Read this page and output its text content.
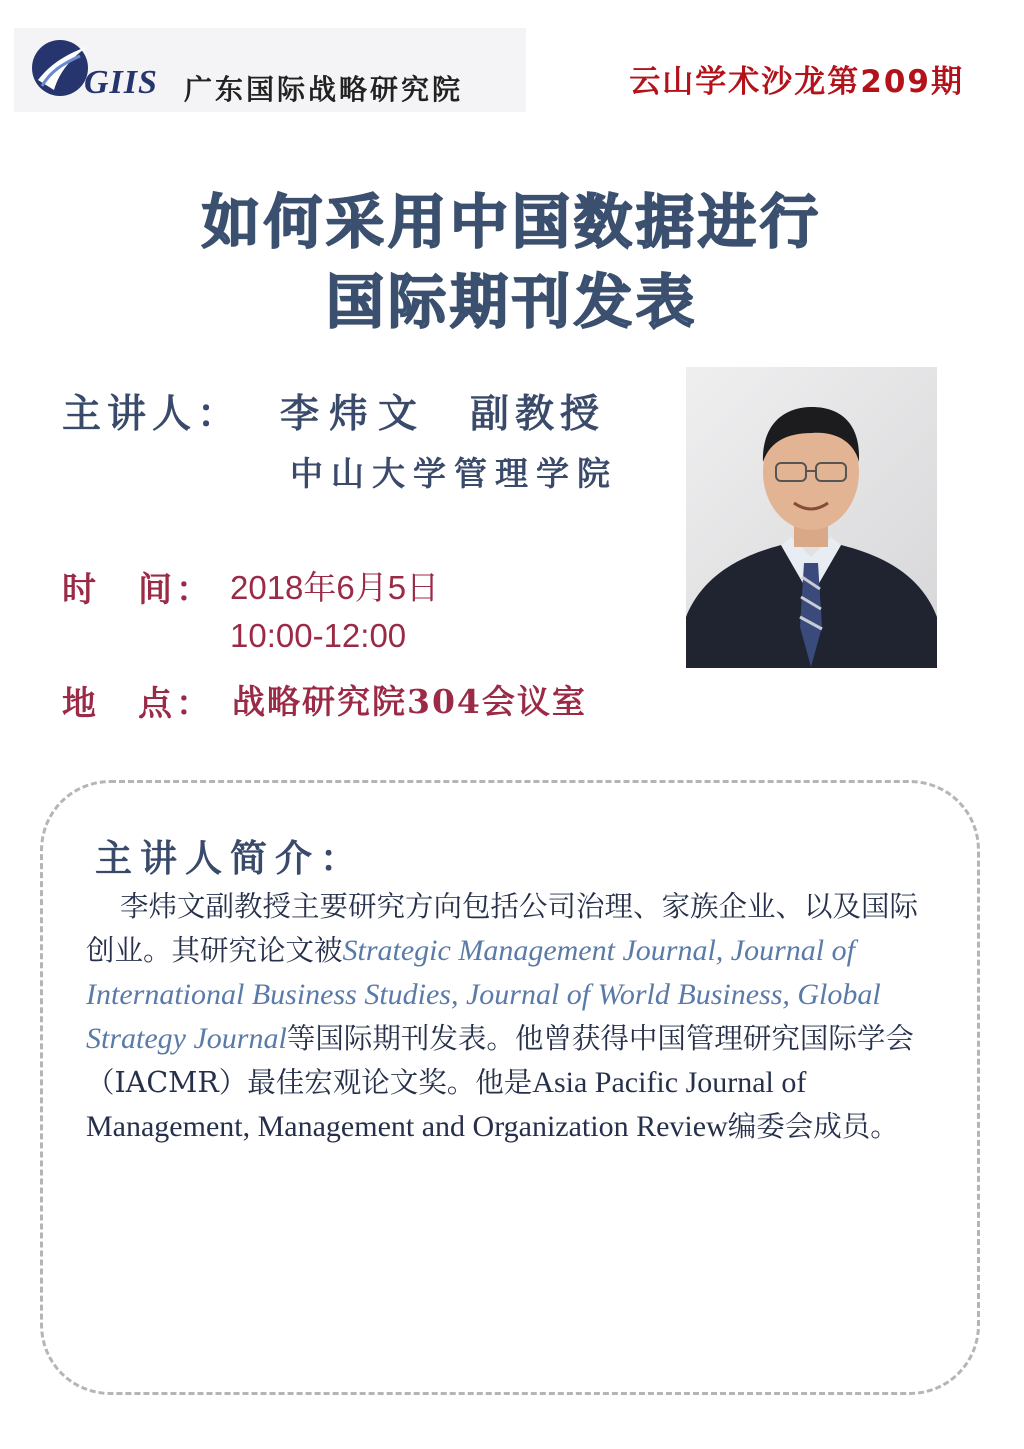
GIIS 广东国际战略研究院	云山学术沙龙第209期
如何采用中国数据进行
国际期刊发表
主讲人： 李炜文 副教授
中山大学管理学院
时　间： 2018年6月5日
10:00-12:00
地　点： 战略研究院304会议室
主讲人简介：
李炜文副教授主要研究方向包括公司治理、家族企业、以及国际创业。其研究论文被Strategic Management Journal, Journal of International Business Studies, Journal of World Business, Global Strategy Journal等国际期刊发表。他曾获得中国管理研究国际学会（IACMR）最佳宏观论文奖。他是Asia Pacific Journal of Management, Management and Organization Review编委会成员。
